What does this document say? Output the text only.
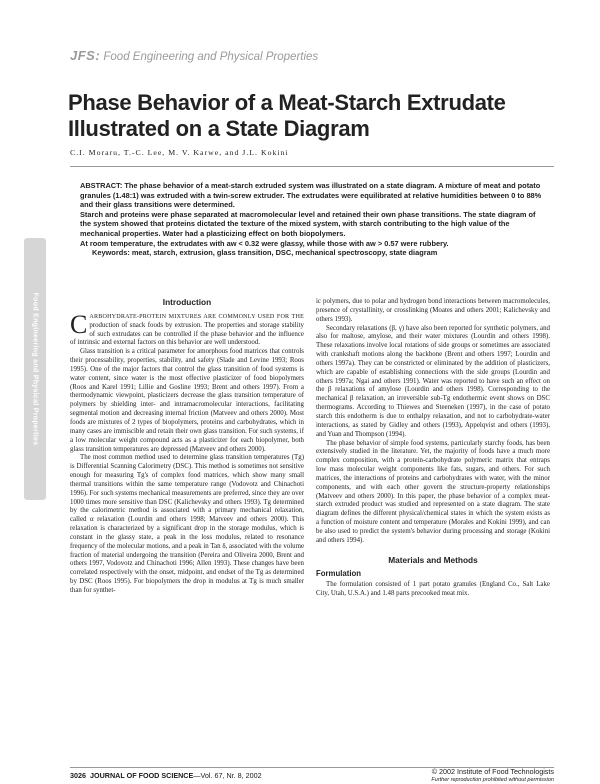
JFS: Food Engineering and Physical Properties
Phase Behavior of a Meat-Starch Extrudate Illustrated on a State Diagram
C.I. Moraru, T.-C. Lee, M. V. Karwe, and J.L. Kokini

ABSTRACT: The phase behavior of a meat-starch extruded system was illustrated on a state diagram. A mixture of meat and potato granules (1.48:1) was extruded with a twin-screw extruder. The extrudates were equilibrated at relative humidities between 0 to 88% and their glass transitions were determined.

Starch and proteins were phase separated at macromolecular level and retained their own phase transitions. The state diagram of the system showed that proteins dictated the texture of the mixed system, with starch contributing to the high value of the mechanical properties. Water had a plasticizing effect on both biopolymers.

At room temperature, the extrudates with aw < 0.32 were glassy, while those with aw > 0.57 were rubbery.

Keywords: meat, starch, extrusion, glass transition, DSC, mechanical spectroscopy, state diagram

Food Engineering and Physical Properties	Introduction

CARBOHYDRATE-PROTEIN MIXTURES ARE COMMONLY USED FOR THE production of snack foods by extrusion. The properties and storage stability of such extrudates can be controlled if the phase behavior and the influence of intrinsic and external factors on this behavior are well understood.

Glass transition is a critical parameter for amorphous food matrices that controls their processability, properties, stability, and safety (Slade and Levine 1993; Roos 1995). One of the major factors that control the glass transition of food systems is water content, since water is the most effective plasticizer of food biopolymers (Roos and Karel 1991; Lillie and Gosline 1993; Brent and others 1997). From a thermodynamic viewpoint, plasticizers decrease the glass transition temperature of polymers by shielding inter- and intramacromolecular interactions, facilitating segmental motion and decreasing internal friction (Matveev and others 2000). Most foods are mixtures of 2 types of biopolymers, proteins and carbohydrates, which in many cases are immiscible and retain their own glass transition. For such systems, if a low molecular weight compound acts as a plasticizer for each biopolymer, both glass transition temperatures are depressed (Matveev and others 2000).

The most common method used to determine glass transition temperatures (Tg) is Differential Scanning Calorimetry (DSC). This method is sometimes not sensitive enough for measuring Tg's of complex food matrices, which show many small thermal transitions within the same temperature range (Vodovotz and Chinachoti 1996). For such systems mechanical measurements are preferred, since they are over 1000 times more sensitive than DSC (Kalichevsky and others 1993). Tg determined by the calorimetric method is associated with a primary mechanical relaxation, called α relaxation (Lourdin and others 1998; Matveev and others 2000). This relaxation is characterized by a significant drop in the storage modulus, which is constant in the glassy state, a peak in the loss modulus, related to resonance frequency of the molecular motions, and a peak in Tan δ, associated with the volume fraction of material undergoing the transition (Pereira and Oliveira 2000, Brent and others 1997, Vodovotz and Chinachoti 1996; Allen 1993). These changes have been correlated respectively with the onset, midpoint, and endset of the Tg as determined by DSC (Roos 1995). For biopolymers the drop in modulus at Tg is much smaller than for synthet-

ic polymers, due to polar and hydrogen bond interactions between macromolecules, presence of crystallinity, or crosslinking (Moates and others 2001; Kalichevsky and others 1993).

Secondary relaxations (β, γ) have also been reported for synthetic polymers, and also for maltose, amylose, and their water mixtures (Lourdin and others 1998). These relaxations involve local rotations of side groups or sometimes are associated with crankshaft motions along the backbone (Brent and others 1997; Lourdin and others 1997a). They can be constricted or eliminated by the addition of plasticizers, which are capable of establishing connections with the side groups (Lourdin and others 1997a; Ngai and others 1991). Water was reported to have such an effect on the β relaxations of amylose (Lourdin and others 1998). Corresponding to the mechanical β relaxation, an irreversible sub-Tg endothermic event shows on DSC thermograms. According to Thiewes and Steeneken (1997), in the case of potato starch this endotherm is due to enthalpy relaxation, and not to carbohydrate-water interactions, as stated by Gidley and others (1993), Appelqvist and others (1993), and Yuan and Thompson (1994).

The phase behavior of simple food systems, particularly starchy foods, has been extensively studied in the literature. Yet, the majority of foods have a much more complex composition, with a protein-carbohydrate polymeric matrix that entraps low mass molecular weight components like fats, sugars, and others. For such matrices, the interactions of proteins and carbohydrates with water, with the minor components, and with each other govern the structure-property relationships (Matveev and others 2000). In this paper, the phase behavior of a complex meat-starch extruded product was studied and represented on a state diagram. The state diagram defines the different physical/chemical states in which the system exists as a function of moisture content and temperature (Morales and Kokini 1999), and can be also used to predict the system's behavior during processing and storage (Kokini and others 1994).

Materials and Methods
Formulation

The formulation consisted of 1 part potato granules (England Co., Salt Lake City, Utah, U.S.A.) and 1.48 parts precooked meat mix.

3026 JOURNAL OF FOOD SCIENCE—Vol. 67, Nr. 8, 2002	© 2002 Institute of Food Technologists
Further reproduction prohibited without permission
